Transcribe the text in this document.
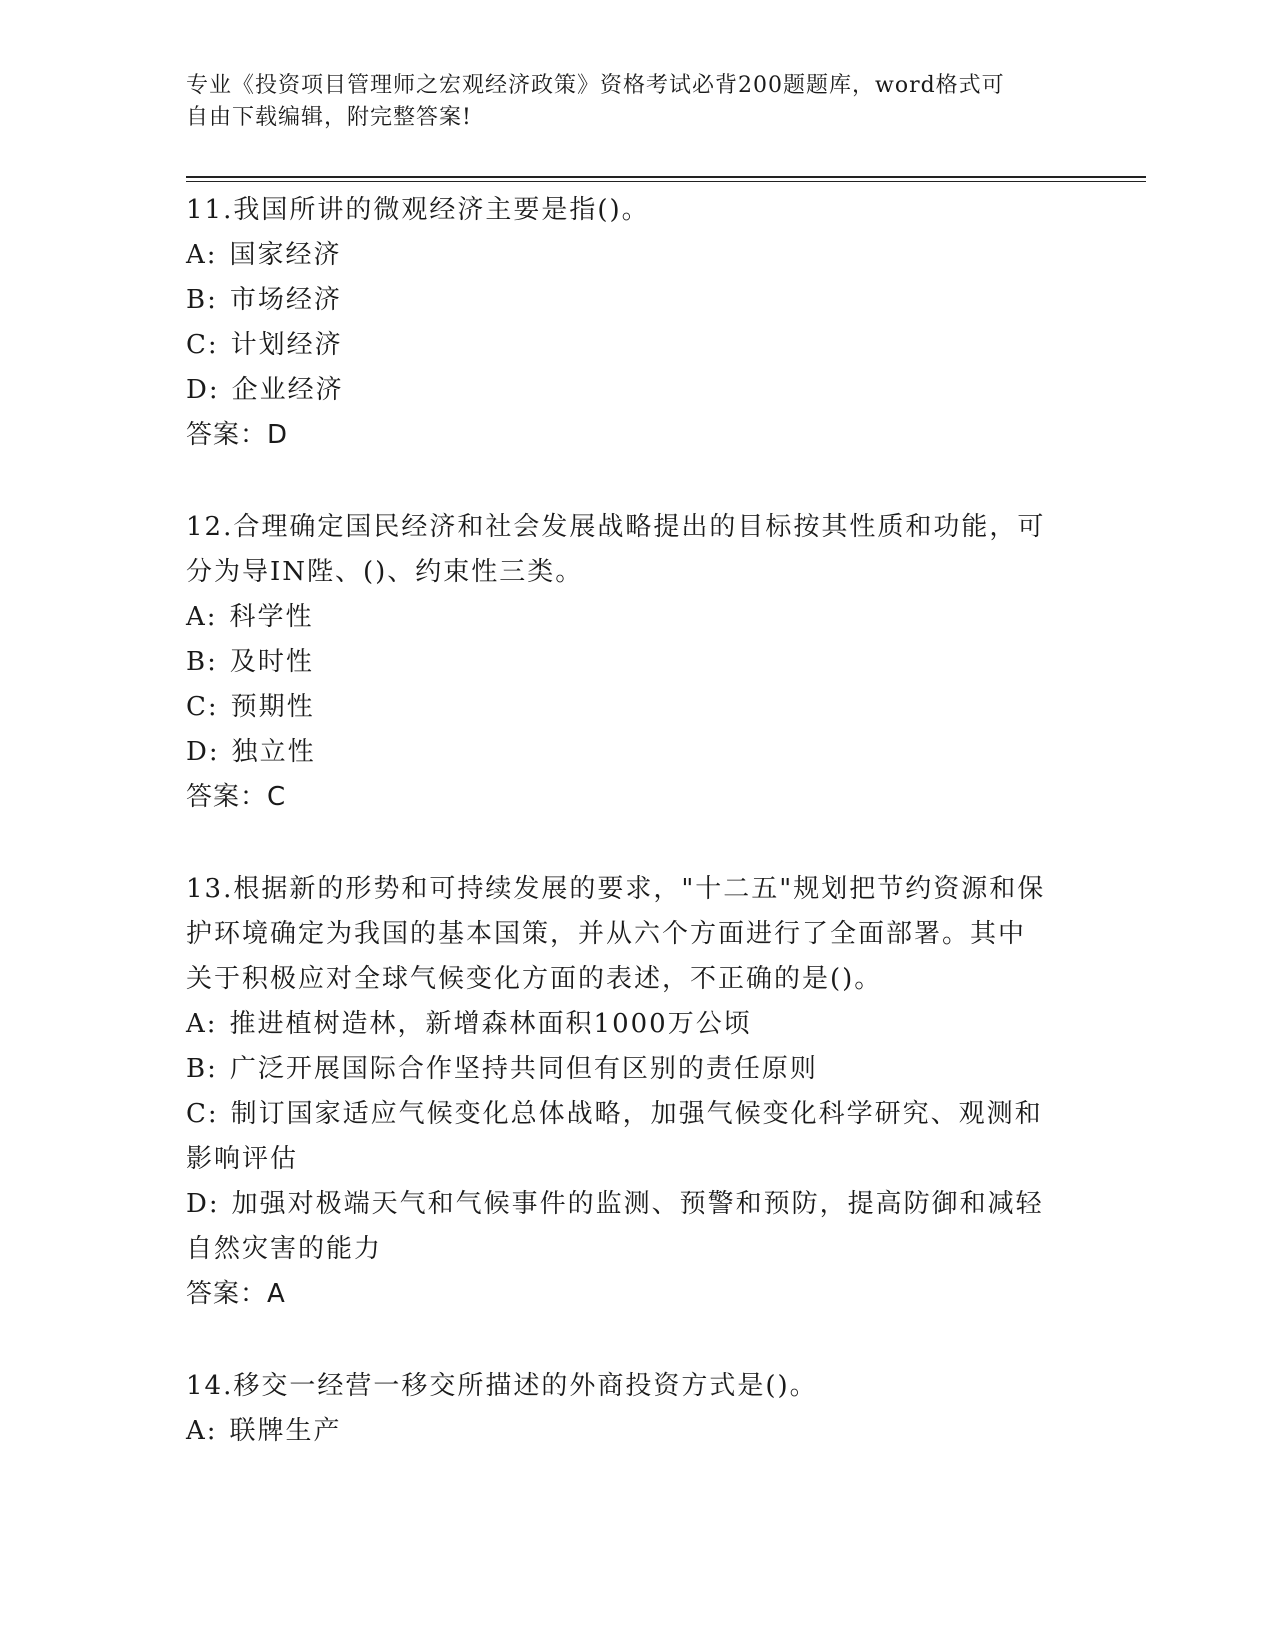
专业《投资项目管理师之宏观经济政策》资格考试必背200题题库，word格式可
自由下载编辑，附完整答案!

11.我国所讲的微观经济主要是指()。

A: 国家经济

B: 市场经济

C: 计划经济

D: 企业经济

答案：D

12.合理确定国民经济和社会发展战略提出的目标按其性质和功能，可

分为导IN陛、()、约束性三类。

A: 科学性

B: 及时性

C: 预期性

D: 独立性

答案：C

13.根据新的形势和可持续发展的要求，"十二五"规划把节约资源和保

护环境确定为我国的基本国策，并从六个方面进行了全面部署。其中

关于积极应对全球气候变化方面的表述，不正确的是()。

A: 推进植树造林，新增森林面积1000万公顷

B: 广泛开展国际合作坚持共同但有区别的责任原则

C: 制订国家适应气候变化总体战略，加强气候变化科学研究、观测和

影响评估

D: 加强对极端天气和气候事件的监测、预警和预防，提高防御和减轻

自然灾害的能力

答案：A

14.移交一经营一移交所描述的外商投资方式是()。

A: 联牌生产
